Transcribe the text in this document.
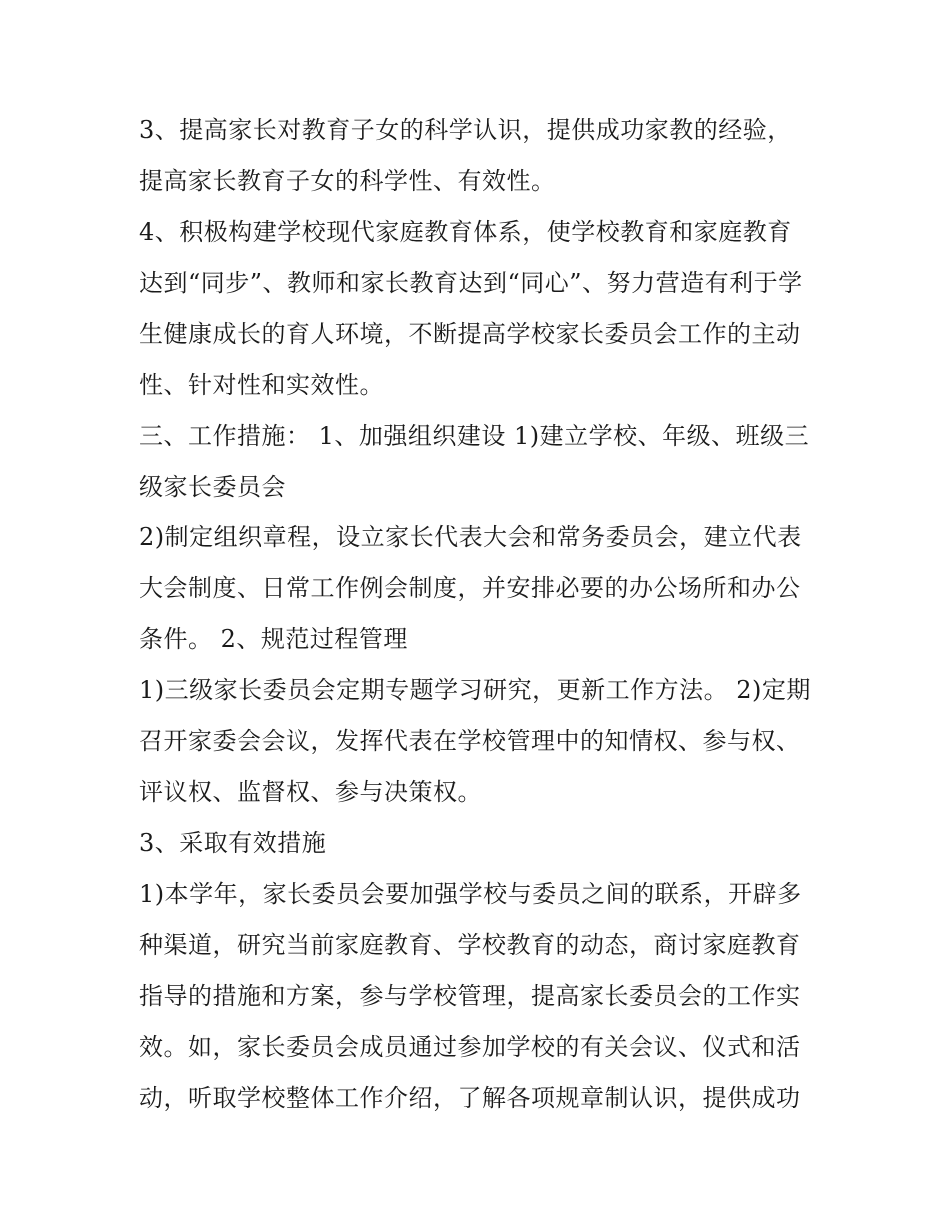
3、提高家长对教育子女的科学认识，提供成功家教的经验，
提高家长教育子女的科学性、有效性。
4、积极构建学校现代家庭教育体系，使学校教育和家庭教育
达到“同步”、教师和家长教育达到“同心”、努力营造有利于学
生健康成长的育人环境，不断提高学校家长委员会工作的主动
性、针对性和实效性。
三、工作措施： 1、加强组织建设 1)建立学校、年级、班级三
级家长委员会
2)制定组织章程，设立家长代表大会和常务委员会，建立代表
大会制度、日常工作例会制度，并安排必要的办公场所和办公
条件。 2、规范过程管理
1)三级家长委员会定期专题学习研究，更新工作方法。 2)定期
召开家委会会议，发挥代表在学校管理中的知情权、参与权、
评议权、监督权、参与决策权。
3、采取有效措施
1)本学年，家长委员会要加强学校与委员之间的联系，开辟多
种渠道，研究当前家庭教育、学校教育的动态，商讨家庭教育
指导的措施和方案，参与学校管理，提高家长委员会的工作实
效。如，家长委员会成员通过参加学校的有关会议、仪式和活
动，听取学校整体工作介绍，了解各项规章制认识，提供成功
